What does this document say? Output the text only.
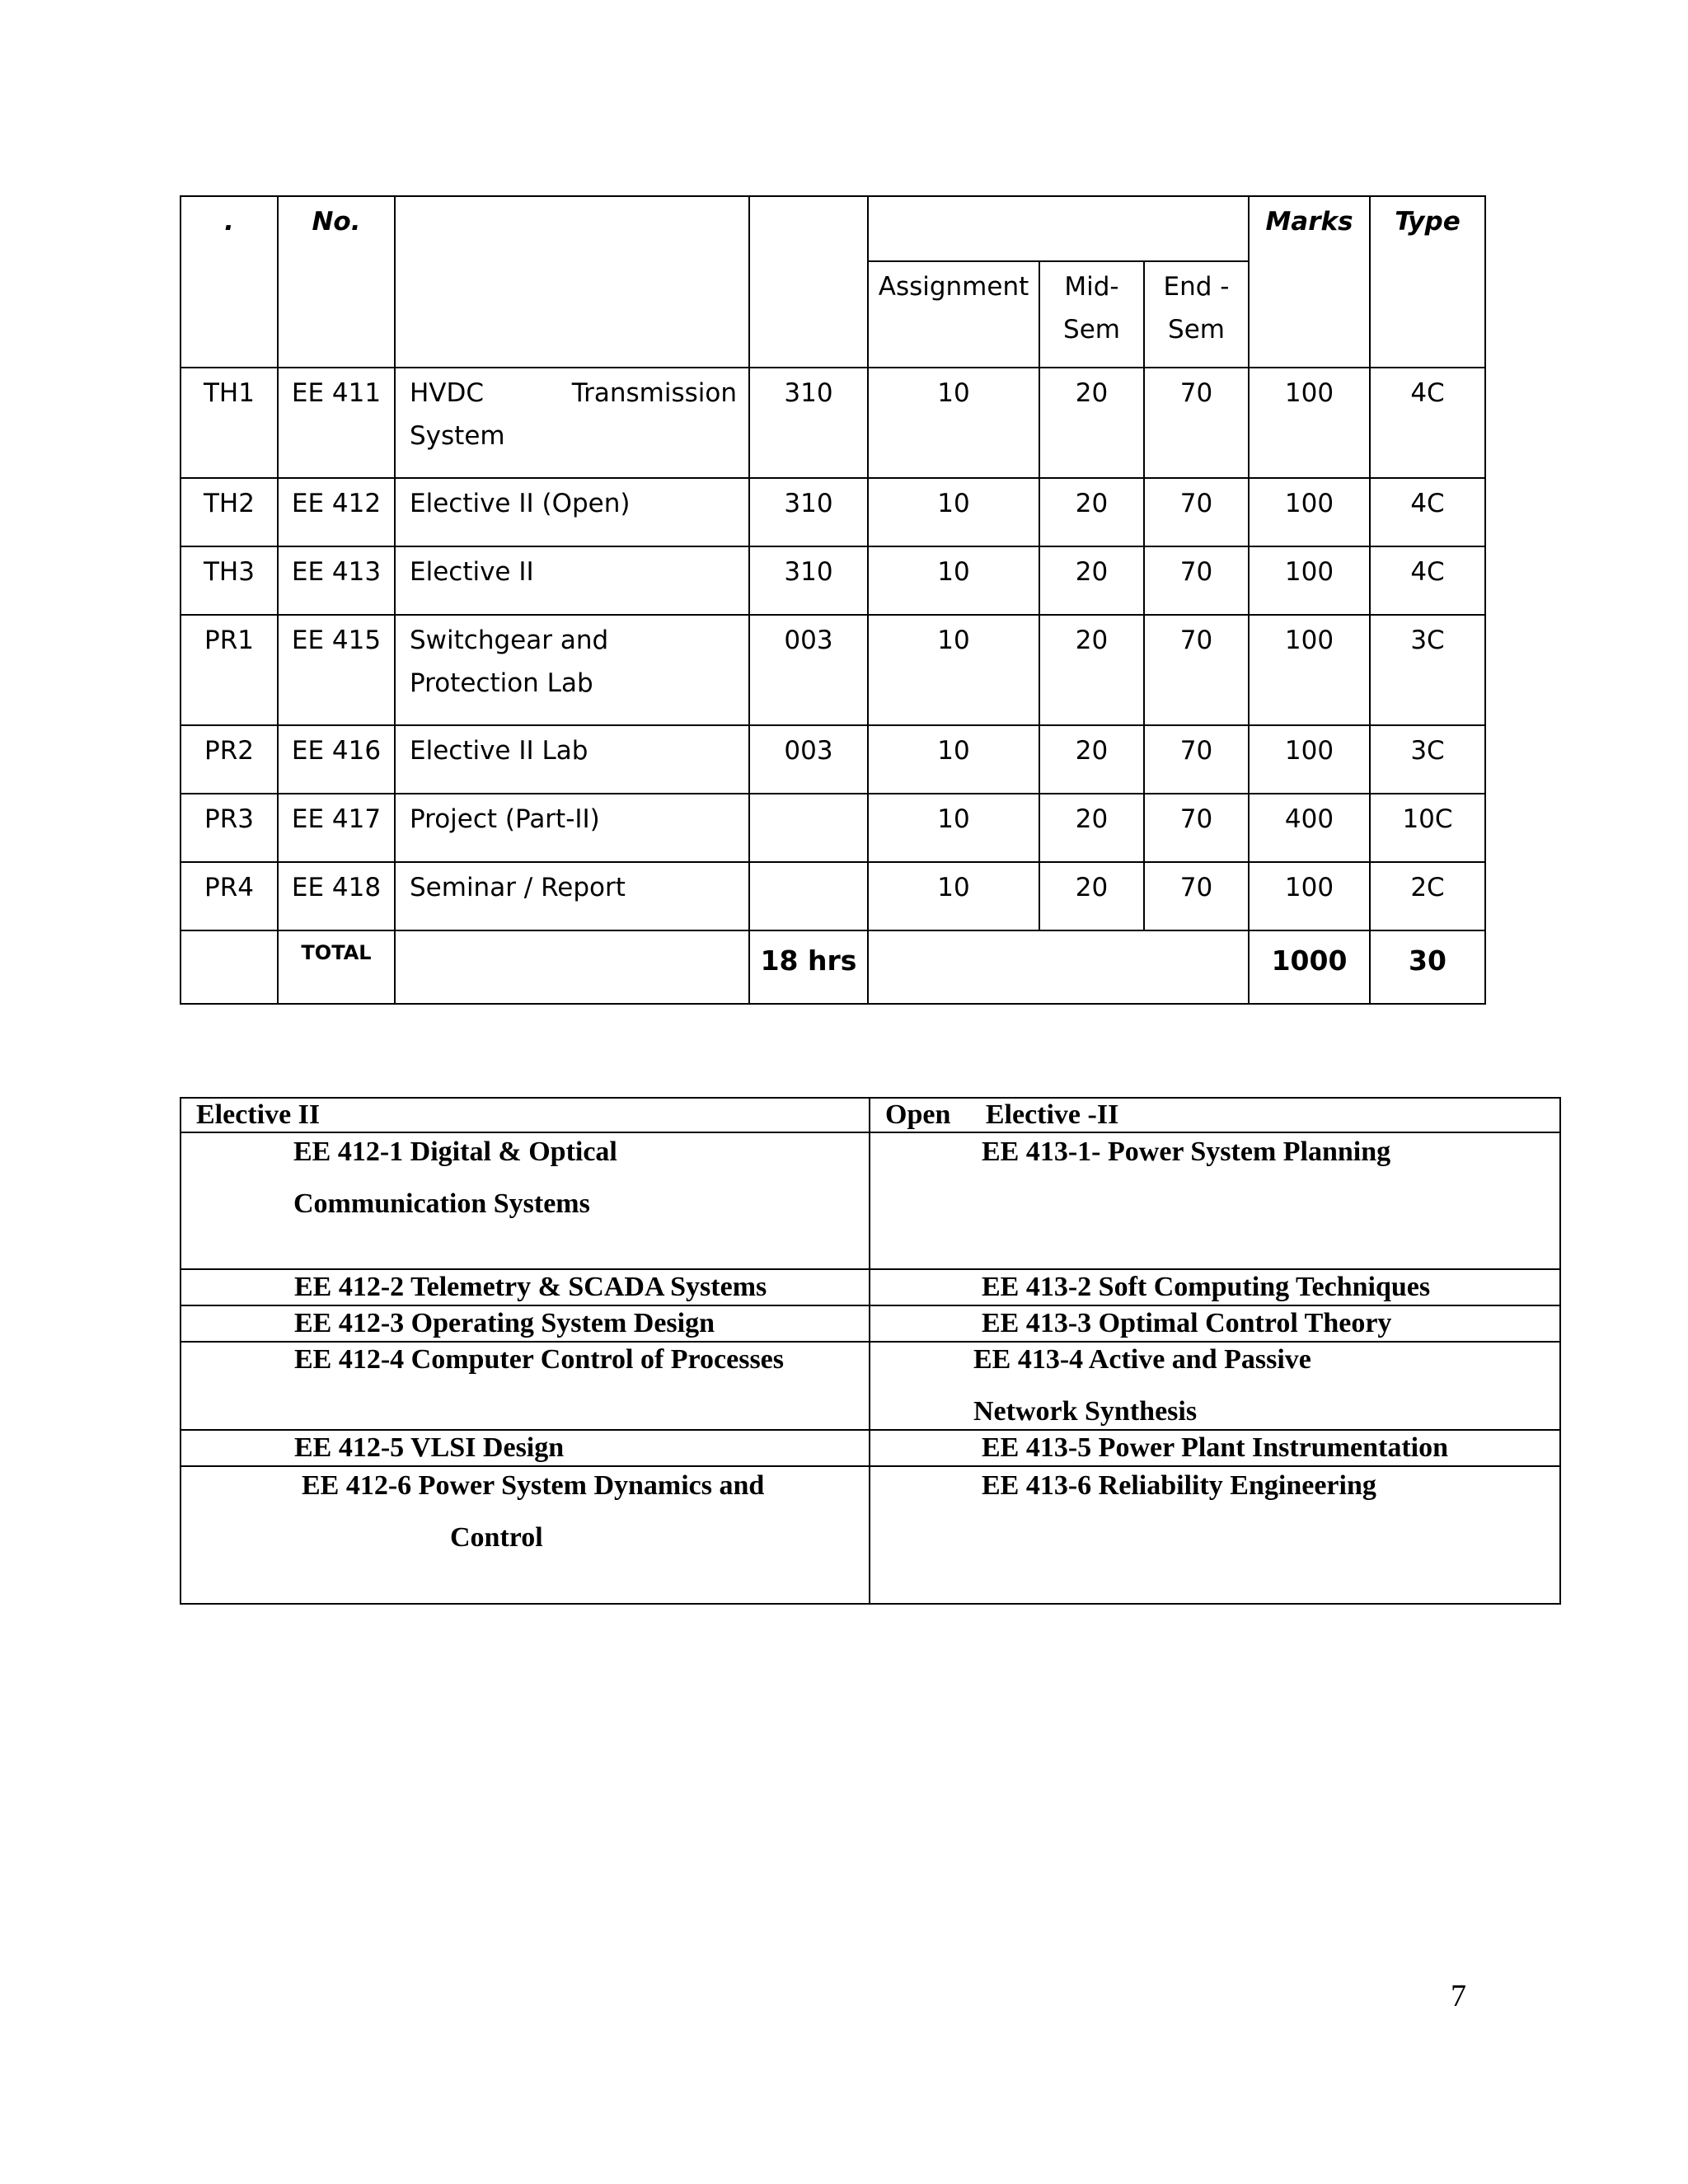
.	No.						Marks	Type
				Assignment	Mid-Sem	End -Sem		
TH1	EE 411	HVDC Transmission System	310	10	20	70	100	4C
TH2	EE 412	Elective II (Open)	310	10	20	70	100	4C
TH3	EE 413	Elective II	310	10	20	70	100	4C
PR1	EE 415	Switchgear and Protection Lab	003	10	20	70	100	3C
PR2	EE 416	Elective II Lab	003	10	20	70	100	3C
PR3	EE 417	Project (Part-II)		10	20	70	400	10C
PR4	EE 418	Seminar / Report		10	20	70	100	2C
	TOTAL		18 hrs				1000	30
Elective II	Open     Elective -II

EE 412-1 Digital & Optical
Communication Systems	EE 413-1- Power System Planning

EE 412-2 Telemetry & SCADA Systems	EE 413-2 Soft Computing Techniques

EE 412-3 Operating System Design	EE 413-3 Optimal Control Theory

EE 412-4 Computer Control of Processes	EE 413-4 Active and Passive
Network Synthesis

EE 412-5 VLSI Design	EE 413-5 Power Plant Instrumentation

EE 412-6 Power System Dynamics and
Control	EE 413-6 Reliability Engineering
7
